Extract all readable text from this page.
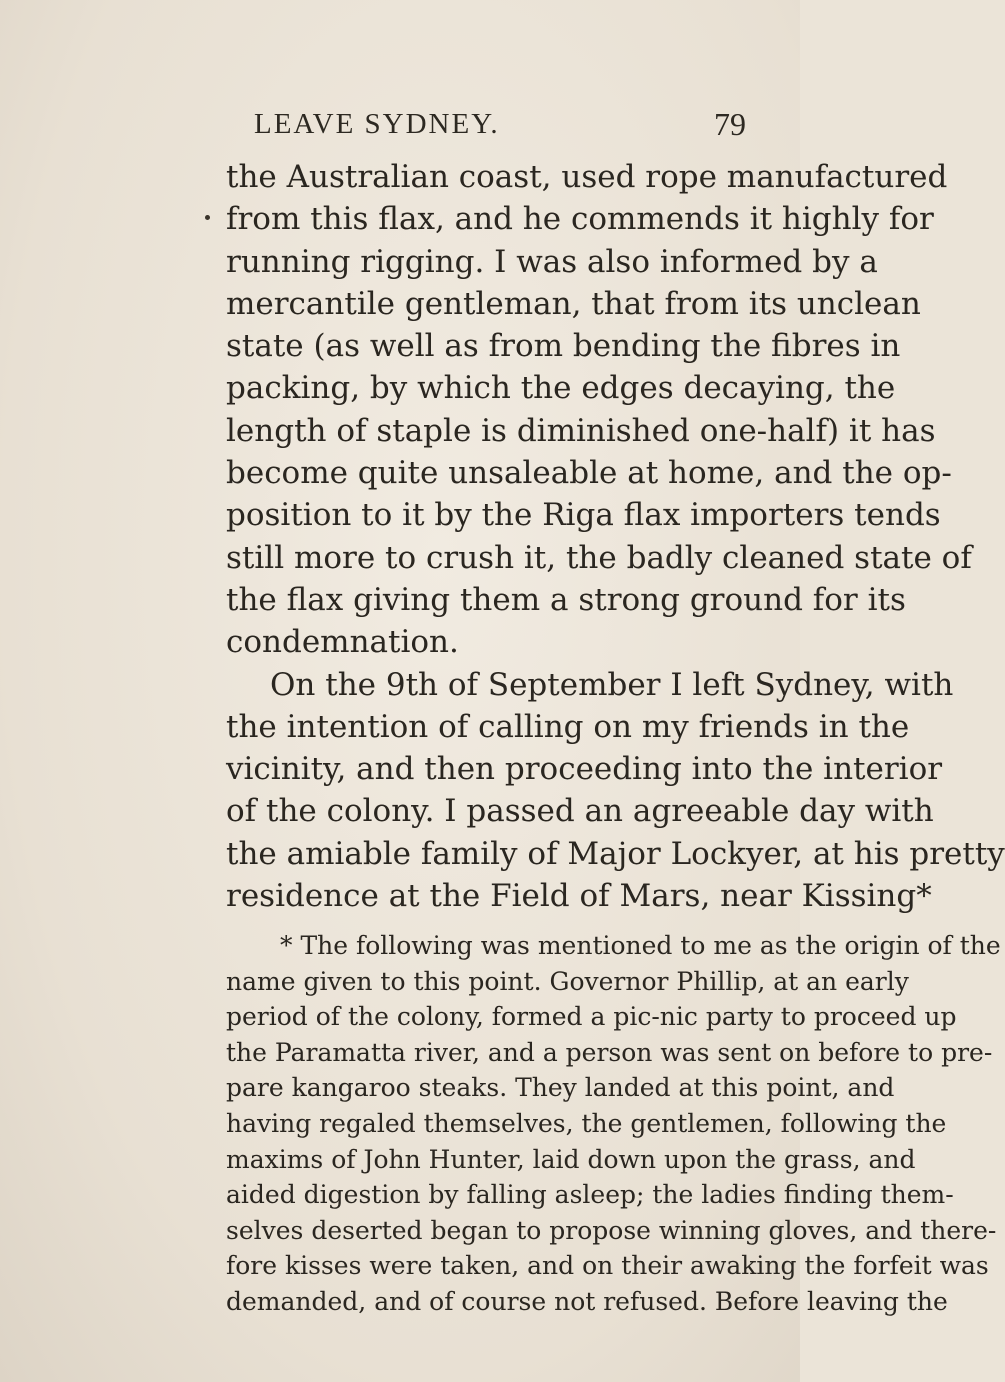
LEAVE SYDNEY.	79
the Australian coast, used rope manufactured
from this flax, and he commends it highly for
running rigging. I was also informed by a
mercantile gentleman, that from its unclean
state (as well as from bending the fibres in
packing, by which the edges decaying, the
length of staple is diminished one-half) it has
become quite unsaleable at home, and the op-
position to it by the Riga flax importers tends
still more to crush it, the badly cleaned state of
the flax giving them a strong ground for its
condemnation.
On the 9th of September I left Sydney, with
the intention of calling on my friends in the
vicinity, and then proceeding into the interior
of the colony. I passed an agreeable day with
the amiable family of Major Lockyer, at his pretty
residence at the Field of Mars, near Kissing*
* The following was mentioned to me as the origin of the
name given to this point. Governor Phillip, at an early
period of the colony, formed a pic-nic party to proceed up
the Paramatta river, and a person was sent on before to pre-
pare kangaroo steaks. They landed at this point, and
having regaled themselves, the gentlemen, following the
maxims of John Hunter, laid down upon the grass, and
aided digestion by falling asleep; the ladies finding them-
selves deserted began to propose winning gloves, and there-
fore kisses were taken, and on their awaking the forfeit was
demanded, and of course not refused. Before leaving the
